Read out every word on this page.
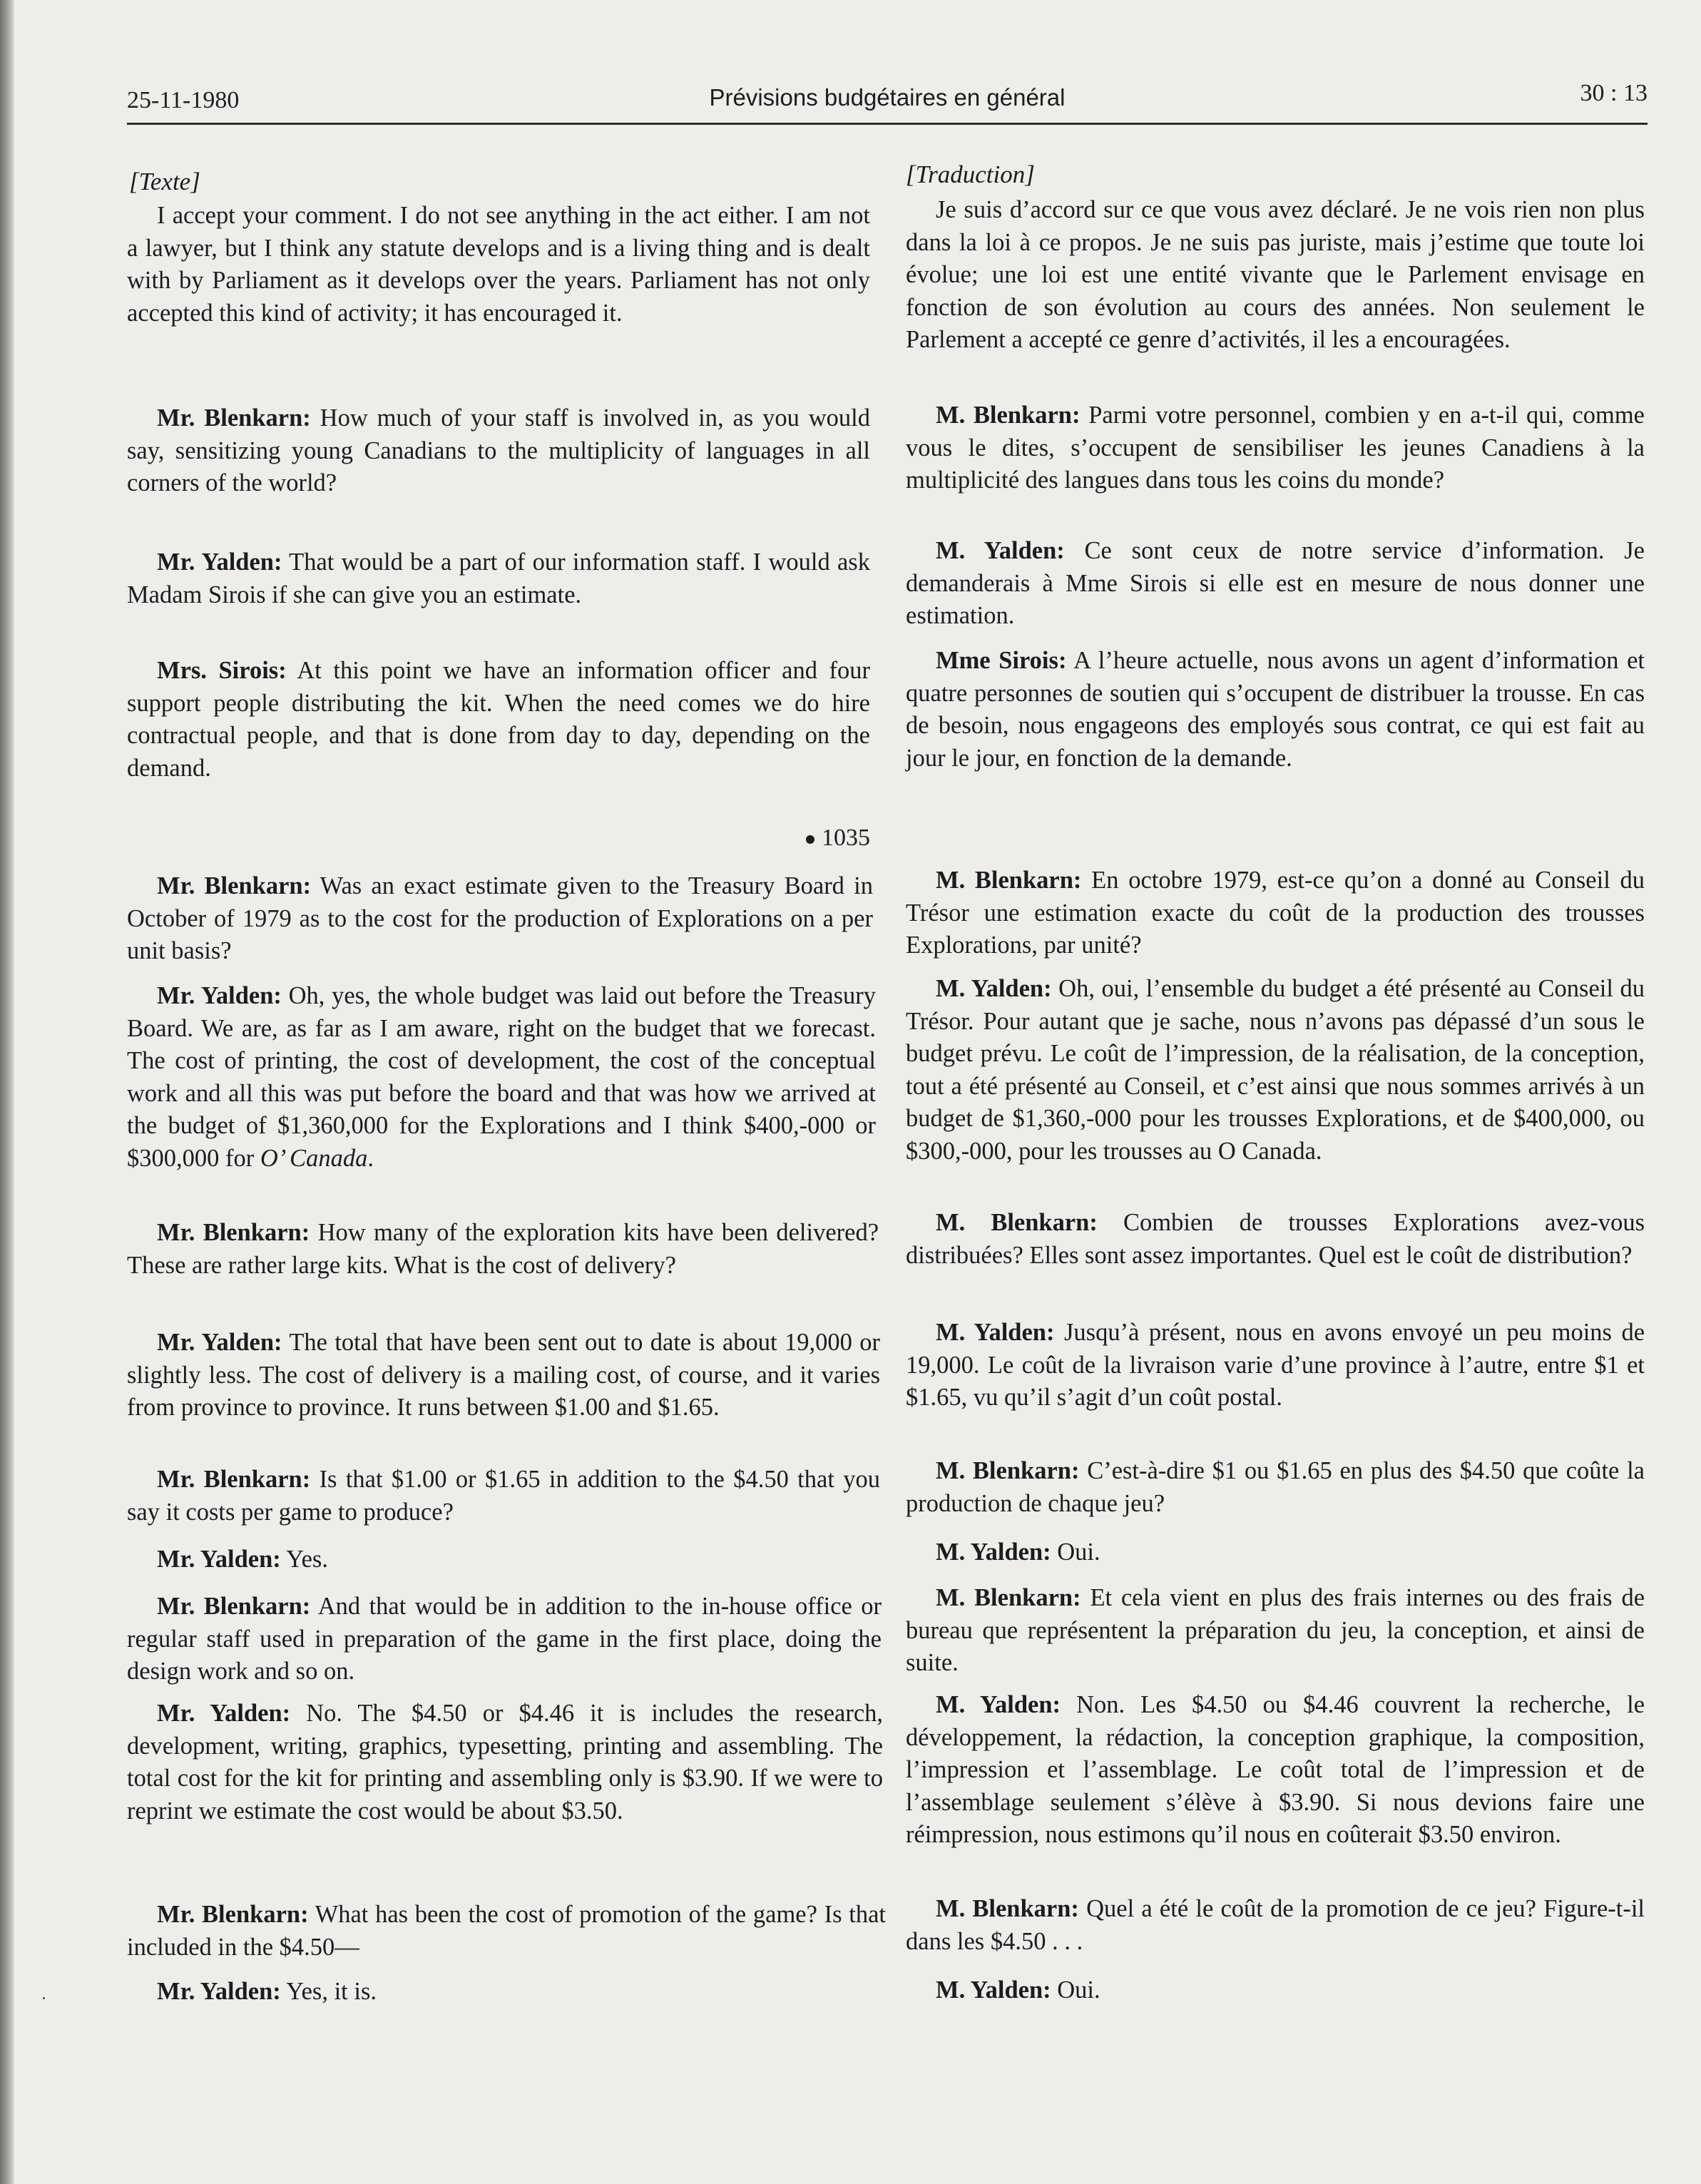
25-11-1980	Prévisions budgétaires en général	30 : 13
[Texte]
I accept your comment. I do not see anything in the act either. I am not a lawyer, but I think any statute develops and is a living thing and is dealt with by Parliament as it develops over the years. Parliament has not only accepted this kind of activity; it has encouraged it.
Mr. Blenkarn: How much of your staff is involved in, as you would say, sensitizing young Canadians to the multiplicity of languages in all corners of the world?
Mr. Yalden: That would be a part of our information staff. I would ask Madam Sirois if she can give you an estimate.
Mrs. Sirois: At this point we have an information officer and four support people distributing the kit. When the need comes we do hire contractual people, and that is done from day to day, depending on the demand.
1035
Mr. Blenkarn: Was an exact estimate given to the Treasury Board in October of 1979 as to the cost for the production of Explorations on a per unit basis?
Mr. Yalden: Oh, yes, the whole budget was laid out before the Treasury Board. We are, as far as I am aware, right on the budget that we forecast. The cost of printing, the cost of development, the cost of the conceptual work and all this was put before the board and that was how we arrived at the budget of $1,360,000 for the Explorations and I think $400,-000 or $300,000 for O’ Canada.
Mr. Blenkarn: How many of the exploration kits have been delivered? These are rather large kits. What is the cost of delivery?
Mr. Yalden: The total that have been sent out to date is about 19,000 or slightly less. The cost of delivery is a mailing cost, of course, and it varies from province to province. It runs between $1.00 and $1.65.
Mr. Blenkarn: Is that $1.00 or $1.65 in addition to the $4.50 that you say it costs per game to produce?
Mr. Yalden: Yes.
Mr. Blenkarn: And that would be in addition to the in-house office or regular staff used in preparation of the game in the first place, doing the design work and so on.
Mr. Yalden: No. The $4.50 or $4.46 it is includes the research, development, writing, graphics, typesetting, printing and assembling. The total cost for the kit for printing and assembling only is $3.90. If we were to reprint we estimate the cost would be about $3.50.
Mr. Blenkarn: What has been the cost of promotion of the game? Is that included in the $4.50—
Mr. Yalden: Yes, it is.
[Traduction]
Je suis d’accord sur ce que vous avez déclaré. Je ne vois rien non plus dans la loi à ce propos. Je ne suis pas juriste, mais j’estime que toute loi évolue; une loi est une entité vivante que le Parlement envisage en fonction de son évolution au cours des années. Non seulement le Parlement a accepté ce genre d’activités, il les a encouragées.
M. Blenkarn: Parmi votre personnel, combien y en a-t-il qui, comme vous le dites, s’occupent de sensibiliser les jeunes Canadiens à la multiplicité des langues dans tous les coins du monde?
M. Yalden: Ce sont ceux de notre service d’information. Je demanderais à Mme Sirois si elle est en mesure de nous donner une estimation.
Mme Sirois: A l’heure actuelle, nous avons un agent d’information et quatre personnes de soutien qui s’occupent de distribuer la trousse. En cas de besoin, nous engageons des employés sous contrat, ce qui est fait au jour le jour, en fonction de la demande.
M. Blenkarn: En octobre 1979, est-ce qu’on a donné au Conseil du Trésor une estimation exacte du coût de la production des trousses Explorations, par unité?
M. Yalden: Oh, oui, l’ensemble du budget a été présenté au Conseil du Trésor. Pour autant que je sache, nous n’avons pas dépassé d’un sous le budget prévu. Le coût de l’impression, de la réalisation, de la conception, tout a été présenté au Conseil, et c’est ainsi que nous sommes arrivés à un budget de $1,360,-000 pour les trousses Explorations, et de $400,000, ou $300,-000, pour les trousses au O Canada.
M. Blenkarn: Combien de trousses Explorations avez-vous distribuées? Elles sont assez importantes. Quel est le coût de distribution?
M. Yalden: Jusqu’à présent, nous en avons envoyé un peu moins de 19,000. Le coût de la livraison varie d’une province à l’autre, entre $1 et $1.65, vu qu’il s’agit d’un coût postal.
M. Blenkarn: C’est-à-dire $1 ou $1.65 en plus des $4.50 que coûte la production de chaque jeu?
M. Yalden: Oui.
M. Blenkarn: Et cela vient en plus des frais internes ou des frais de bureau que représentent la préparation du jeu, la conception, et ainsi de suite.
M. Yalden: Non. Les $4.50 ou $4.46 couvrent la recherche, le développement, la rédaction, la conception graphique, la composition, l’impression et l’assemblage. Le coût total de l’impression et de l’assemblage seulement s’élève à $3.90. Si nous devions faire une réimpression, nous estimons qu’il nous en coûterait $3.50 environ.
M. Blenkarn: Quel a été le coût de la promotion de ce jeu? Figure-t-il dans les $4.50 . . .
M. Yalden: Oui.
